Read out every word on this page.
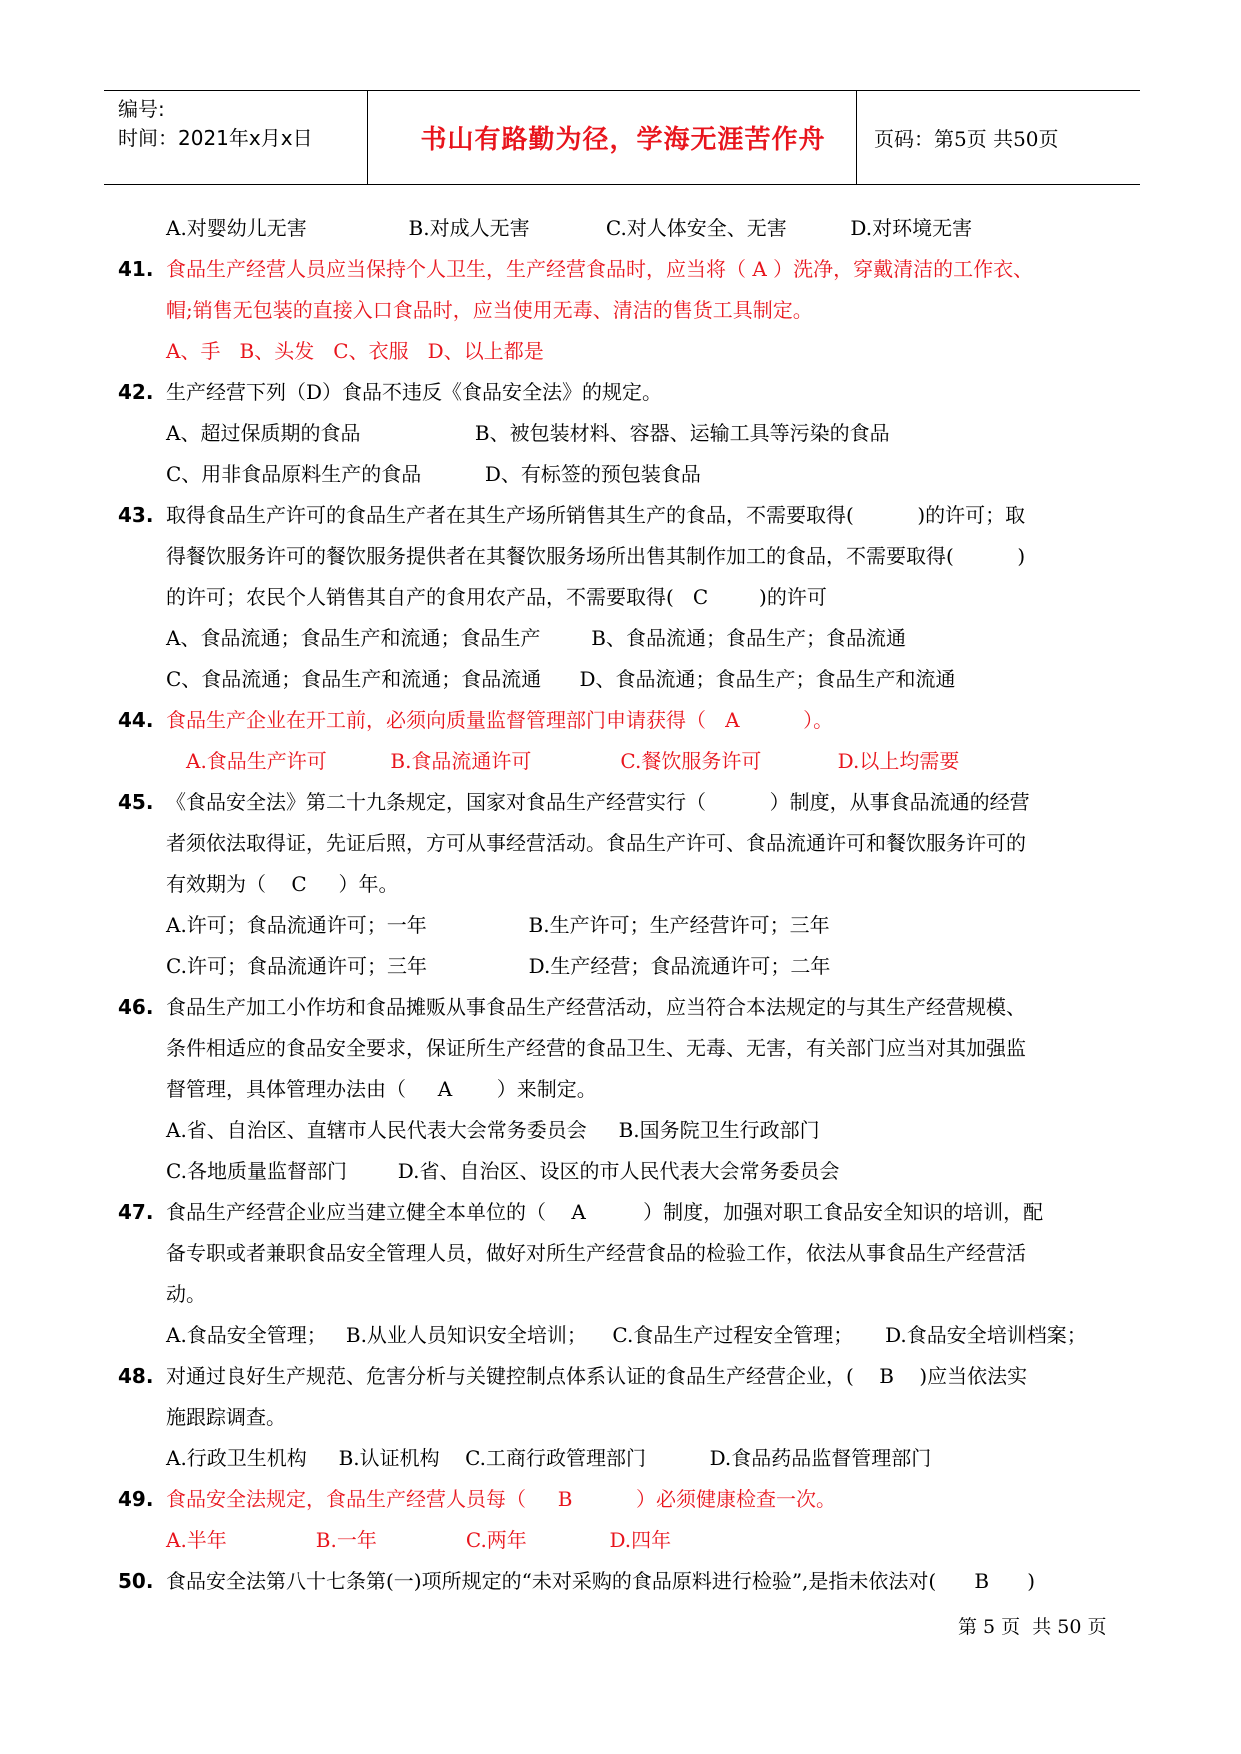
编号:
时间：2021年x月x日	书山有路勤为径，学海无涯苦作舟	页码：第5页 共50页
A.对婴幼儿无害                B.对成人无害            C.对人体安全、无害          D.对环境无害
41. 食品生产经营人员应当保持个人卫生，生产经营食品时，应当将（ A ）洗净，穿戴清洁的工作衣、
帽;销售无包装的直接入口食品时，应当使用无毒、清洁的售货工具制定。
A、手   B、头发   C、衣服   D、以上都是
42. 生产经营下列（D）食品不违反《食品安全法》的规定。
A、超过保质期的食品                  B、被包装材料、容器、运输工具等污染的食品
C、用非食品原料生产的食品          D、有标签的预包装食品
43. 取得食品生产许可的食品生产者在其生产场所销售其生产的食品，不需要取得(          )的许可；取
得餐饮服务许可的餐饮服务提供者在其餐饮服务场所出售其制作加工的食品，不需要取得(          )
的许可；农民个人销售其自产的食用农产品，不需要取得(   C        )的许可
A、食品流通；食品生产和流通；食品生产        B、食品流通；食品生产；食品流通
C、食品流通；食品生产和流通；食品流通      D、食品流通；食品生产；食品生产和流通
44. 食品生产企业在开工前，必须向质量监督管理部门申请获得（   A          ）。
A.食品生产许可          B.食品流通许可              C.餐饮服务许可            D.以上均需要
45. 《食品安全法》第二十九条规定，国家对食品生产经营实行（          ）制度，从事食品流通的经营
者须依法取得证，先证后照，方可从事经营活动。食品生产许可、食品流通许可和餐饮服务许可的
有效期为（    C     ）年。
A.许可；食品流通许可；一年                B.生产许可；生产经营许可；三年
C.许可；食品流通许可；三年                D.生产经营；食品流通许可；二年
46. 食品生产加工小作坊和食品摊贩从事食品生产经营活动，应当符合本法规定的与其生产经营规模、
条件相适应的食品安全要求，保证所生产经营的食品卫生、无毒、无害，有关部门应当对其加强监
督管理，具体管理办法由（     A       ）来制定。
A.省、自治区、直辖市人民代表大会常务委员会     B.国务院卫生行政部门
C.各地质量监督部门        D.省、自治区、设区的市人民代表大会常务委员会
47. 食品生产经营企业应当建立健全本单位的（    A         ）制度，加强对职工食品安全知识的培训，配
备专职或者兼职食品安全管理人员，做好对所生产经营食品的检验工作，依法从事食品生产经营活
动。
A.食品安全管理；   B.从业人员知识安全培训；    C.食品生产过程安全管理；     D.食品安全培训档案；
48. 对通过良好生产规范、危害分析与关键控制点体系认证的食品生产经营企业，(    B    )应当依法实
施跟踪调查。
A.行政卫生机构     B.认证机构    C.工商行政管理部门          D.食品药品监督管理部门
49. 食品安全法规定，食品生产经营人员每（     B          ）必须健康检查一次。
A.半年              B.一年              C.两年             D.四年
50. 食品安全法第八十七条第(一)项所规定的“未对采购的食品原料进行检验”,是指未依法对(      B      )
第 5 页  共 50 页
